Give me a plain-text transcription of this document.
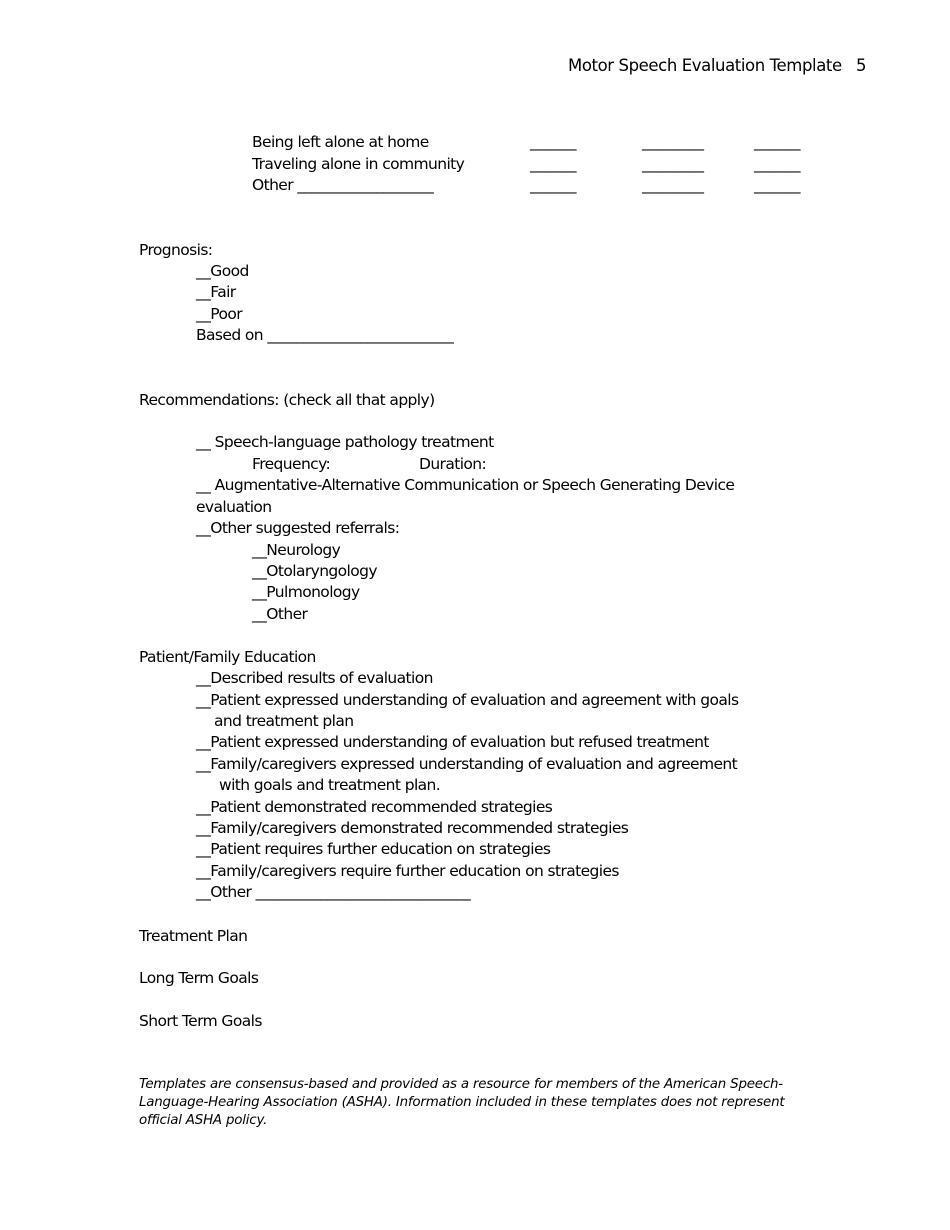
Motor Speech Evaluation Template 5
Being left alone at home	______	________	______
Traveling alone in community	______	________	______
Other ___________________	______	________	______
Prognosis:
__Good
__Fair
__Poor
Based on __________________________
Recommendations: (check all that apply)
__ Speech-language pathology treatment
Frequency:	Duration:
__ Augmentative-Alternative Communication or Speech Generating Device
evaluation
__Other suggested referrals:
__Neurology
__Otolaryngology
__Pulmonology
__Other
Patient/Family Education
__Described results of evaluation
__Patient expressed understanding of evaluation and agreement with goals
and treatment plan
__Patient expressed understanding of evaluation but refused treatment
__Family/caregivers expressed understanding of evaluation and agreement
with goals and treatment plan.
__Patient demonstrated recommended strategies
__Family/caregivers demonstrated recommended strategies
__Patient requires further education on strategies
__Family/caregivers require further education on strategies
__Other ______________________________
Treatment Plan
Long Term Goals
Short Term Goals
Templates are consensus-based and provided as a resource for members of the American Speech-Language-Hearing Association (ASHA). Information included in these templates does not represent official ASHA policy.
